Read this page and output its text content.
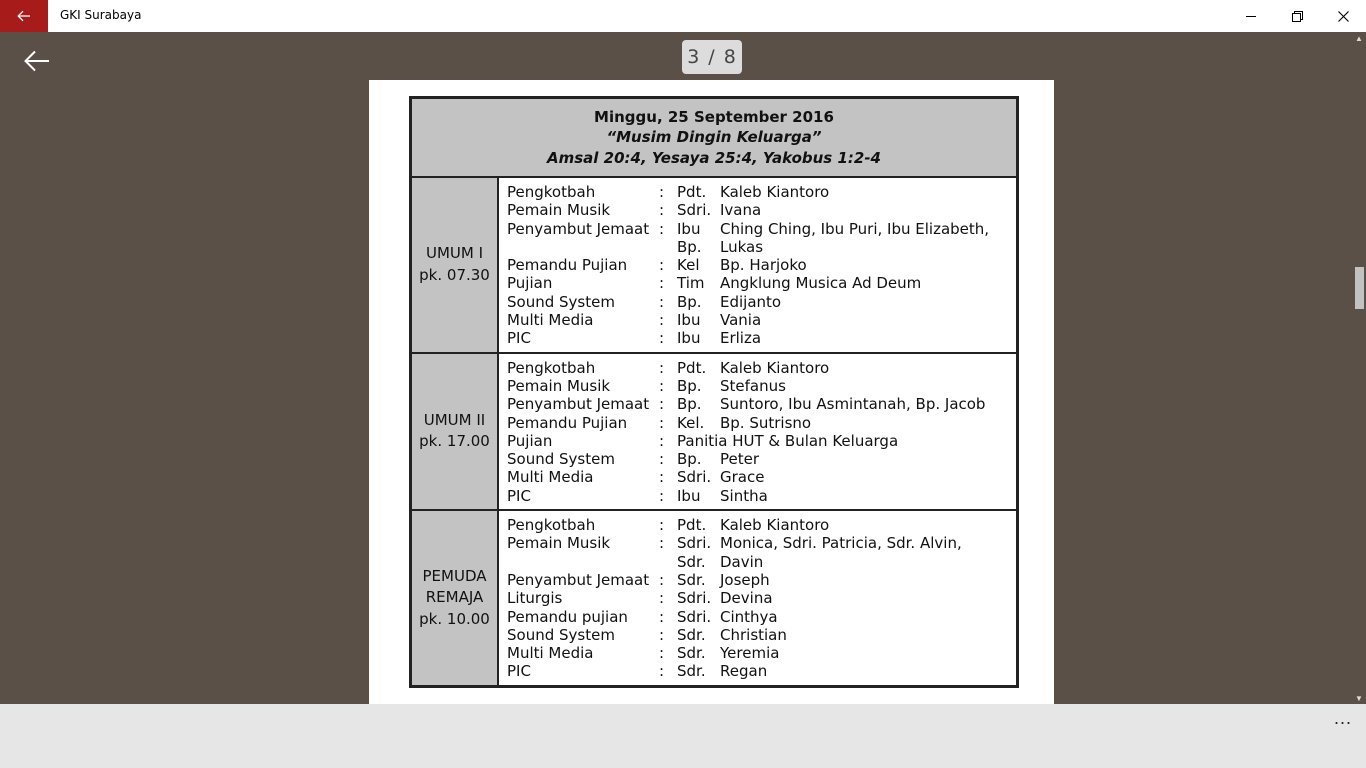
GKI Surabaya
3 / 8
Minggu, 25 September 2016
“Musim Dingin Keluarga”
Amsal 20:4, Yesaya 25:4, Yakobus 1:2-4
UMUM I
pk. 07.30
Pengkotbah	: Pdt. Kaleb Kiantoro
Pemain Musik	: Sdri. Ivana
Penyambut Jemaat : Ibu	Ching Ching, Ibu Puri, Ibu Elizabeth,
Bp.	Lukas
Pemandu Pujian	: Kel	Bp. Harjoko
Pujian	: Tim	Angklung Musica Ad Deum
Sound System	: Bp.	Edijanto
Multi Media	: Ibu	Vania
PIC	: Ibu	Erliza
UMUM II
pk. 17.00
Pengkotbah	: Pdt. Kaleb Kiantoro
Pemain Musik	: Bp.	Stefanus
Penyambut Jemaat : Bp.	Suntoro, Ibu Asmintanah, Bp. Jacob
Pemandu Pujian	: Kel.	Bp. Sutrisno
Pujian	: Panitia HUT & Bulan Keluarga
Sound System	: Bp.	Peter
Multi Media	: Sdri. Grace
PIC	: Ibu	Sintha
PEMUDA
REMAJA
pk. 10.00
Pengkotbah	: Pdt. Kaleb Kiantoro
Pemain Musik	: Sdri. Monica, Sdri. Patricia, Sdr. Alvin,
Sdr. Davin
Penyambut Jemaat : Sdr. Joseph
Liturgis	: Sdri. Devina
Pemandu pujian	: Sdri. Cinthya
Sound System	: Sdr. Christian
Multi Media	: Sdr. Yeremia
PIC	: Sdr. Regan
▲
▼
...
